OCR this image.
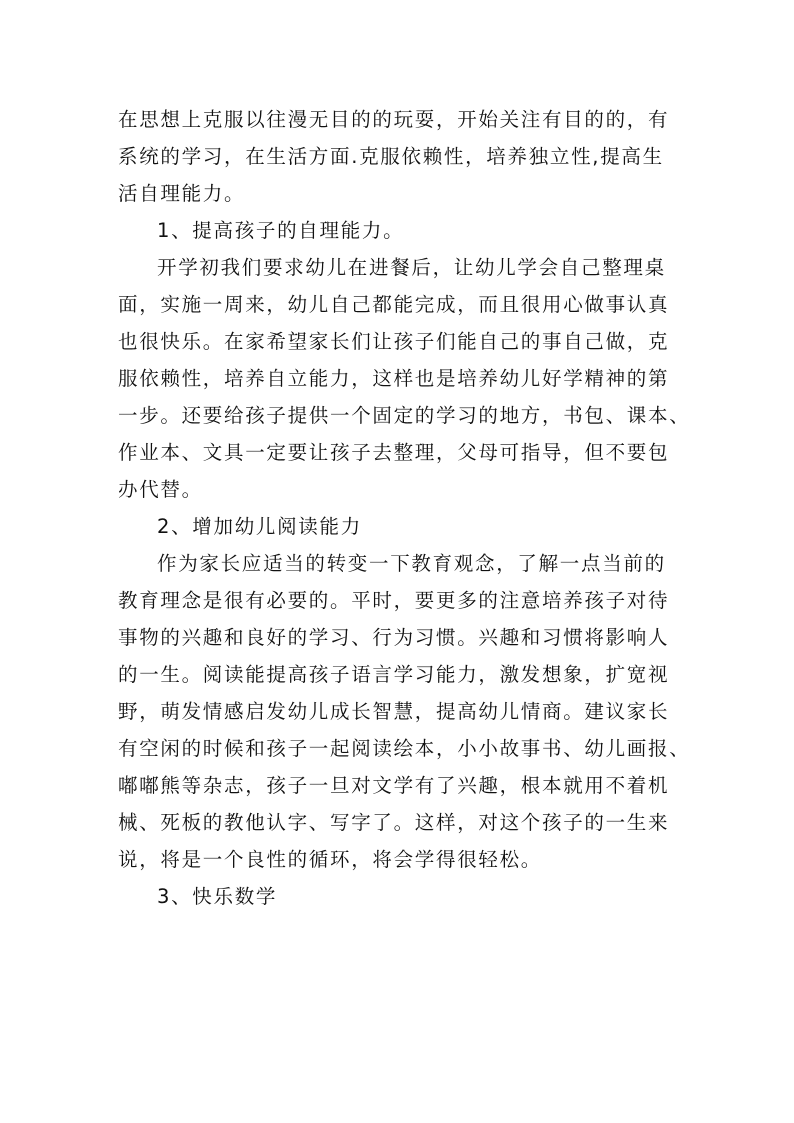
在思想上克服以往漫无目的的玩耍，开始关注有目的的，有
系统的学习，在生活方面.克服依赖性，培养独立性,提高生
活自理能力。
1、提高孩子的自理能力。
开学初我们要求幼儿在进餐后，让幼儿学会自己整理桌
面，实施一周来，幼儿自己都能完成，而且很用心做事认真
也很快乐。在家希望家长们让孩子们能自己的事自己做，克
服依赖性，培养自立能力，这样也是培养幼儿好学精神的第
一步。还要给孩子提供一个固定的学习的地方，书包、课本、
作业本、文具一定要让孩子去整理，父母可指导，但不要包
办代替。
2、增加幼儿阅读能力
作为家长应适当的转变一下教育观念，了解一点当前的
教育理念是很有必要的。平时，要更多的注意培养孩子对待
事物的兴趣和良好的学习、行为习惯。兴趣和习惯将影响人
的一生。阅读能提高孩子语言学习能力，激发想象，扩宽视
野，萌发情感启发幼儿成长智慧，提高幼儿情商。建议家长
有空闲的时候和孩子一起阅读绘本，小小故事书、幼儿画报、
嘟嘟熊等杂志，孩子一旦对文学有了兴趣，根本就用不着机
械、死板的教他认字、写字了。这样，对这个孩子的一生来
说，将是一个良性的循环，将会学得很轻松。
3、快乐数学
